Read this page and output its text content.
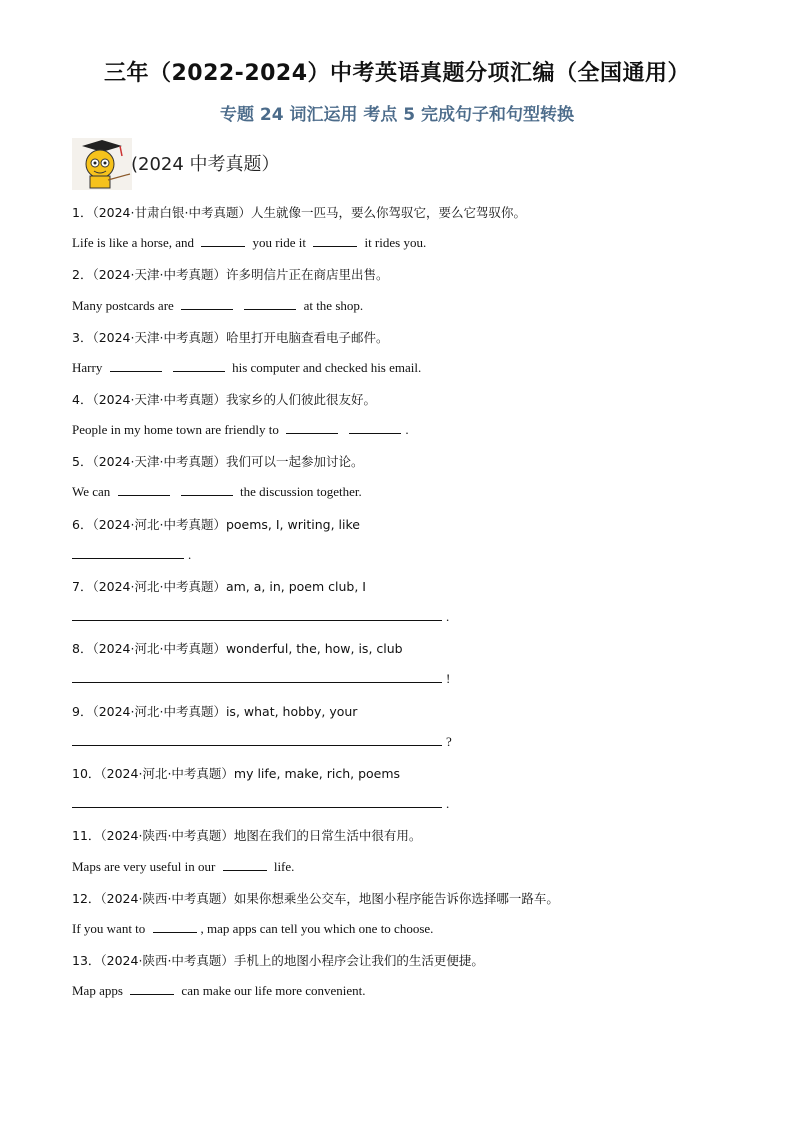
三年（2022-2024）中考英语真题分项汇编（全国通用）
专题 24 词汇运用 考点 5 完成句子和句型转换
(2024 中考真题）
1．（2024·甘肃白银·中考真题）人生就像一匹马，要么你驾驭它，要么它驾驭你。
Life is like a horse, and	you ride it	it rides you.
2．（2024·天津·中考真题）许多明信片正在商店里出售。
Many postcards are	at the shop.
3．（2024·天津·中考真题）哈里打开电脑查看电子邮件。
Harry	his computer and checked his email.
4．（2024·天津·中考真题）我家乡的人们彼此很友好。
People in my home town are friendly to	.
5．（2024·天津·中考真题）我们可以一起参加讨论。
We can	the discussion together.
6．（2024·河北·中考真题）poems, I, writing, like
.
7．（2024·河北·中考真题）am, a, in, poem club, I
.
8．（2024·河北·中考真题）wonderful, the, how, is, club
!
9．（2024·河北·中考真题）is, what, hobby, your
?
10．（2024·河北·中考真题）my life, make, rich, poems
.
11．（2024·陕西·中考真题）地图在我们的日常生活中很有用。
Maps are very useful in our	life.
12．（2024·陕西·中考真题）如果你想乘坐公交车，地图小程序能告诉你选择哪一路车。
If you want to	, map apps can tell you which one to choose.
13．（2024·陕西·中考真题）手机上的地图小程序会让我们的生活更便捷。
Map apps	can make our life more convenient.
